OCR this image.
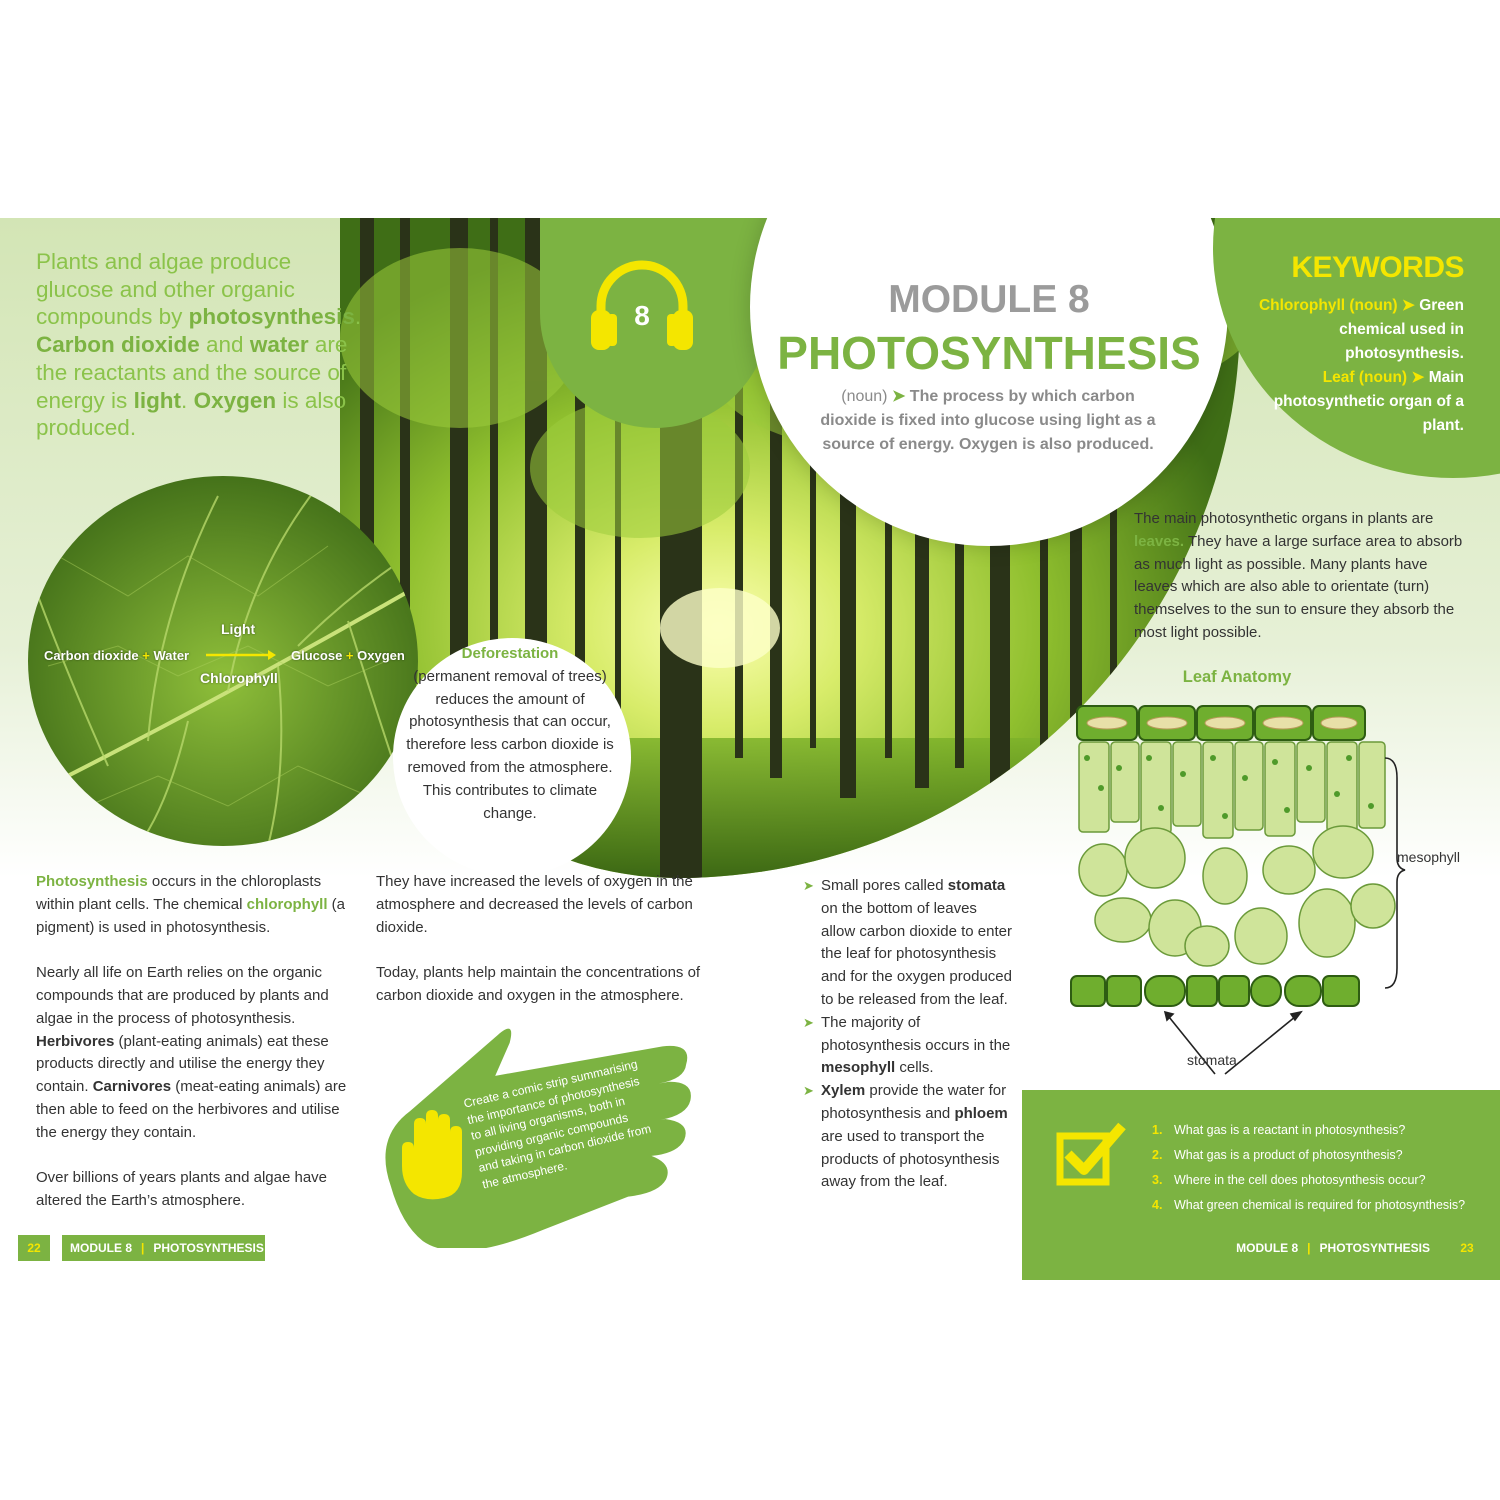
8	MODULE 8
PHOTOSYNTHESIS
(noun) ➤ The process by which carbon dioxide is fixed into glucose using light as a source of energy. Oxygen is also produced.
KEYWORDS
Chlorophyll (noun) ➤ Green chemical used in photosynthesis.
Leaf (noun) ➤ Main photosynthetic organ of a plant.
Plants and algae produce glucose and other organic compounds by photosynthesis. Carbon dioxide and water are the reactants and the source of energy is light. Oxygen is also produced.
Carbon dioxide + Water
Light
Chlorophyll
Glucose + Oxygen	Deforestation
(permanent removal of trees) reduces the amount of photosynthesis that can occur, therefore less carbon dioxide is removed from the atmosphere. This contributes to climate change.
The main photosynthetic organs in plants are leaves. They have a large surface area to absorb as much light as possible. Many plants have leaves which are also able to orientate (turn) themselves to the sun to ensure they absorb the most light possible.
Leaf Anatomy
mesophyll
stomata

Photosynthesis occurs in the chloroplasts within plant cells. The chemical chlorophyll (a pigment) is used in photosynthesis.

Nearly all life on Earth relies on the organic compounds that are produced by plants and algae in the process of photosynthesis. Herbivores (plant-eating animals) eat these products directly and utilise the energy they contain. Carnivores (meat-eating animals) are then able to feed on the herbivores and utilise the energy they contain.

Over billions of years plants and algae have altered the Earth’s atmosphere.

They have increased the levels of oxygen in the atmosphere and decreased the levels of carbon dioxide.

Today, plants help maintain the concentrations of carbon dioxide and oxygen in the atmosphere.

Create a comic strip summarising the importance of photosynthesis to all living organisms, both in providing organic compounds and taking in carbon dioxide from the atmosphere.
➤ Small pores called stomata on the bottom of leaves allow carbon dioxide to enter the leaf for photosynthesis and for the oxygen produced to be released from the leaf.
➤ The majority of photosynthesis occurs in the mesophyll cells.
➤ Xylem provide the water for photosynthesis and phloem are used to transport the products of photosynthesis away from the leaf.
1. What gas is a reactant in photosynthesis?
2. What gas is a product of photosynthesis?
3. Where in the cell does photosynthesis occur?
4. What green chemical is required for photosynthesis?
22	MODULE 8 | PHOTOSYNTHESIS	MODULE 8 | PHOTOSYNTHESIS	23
